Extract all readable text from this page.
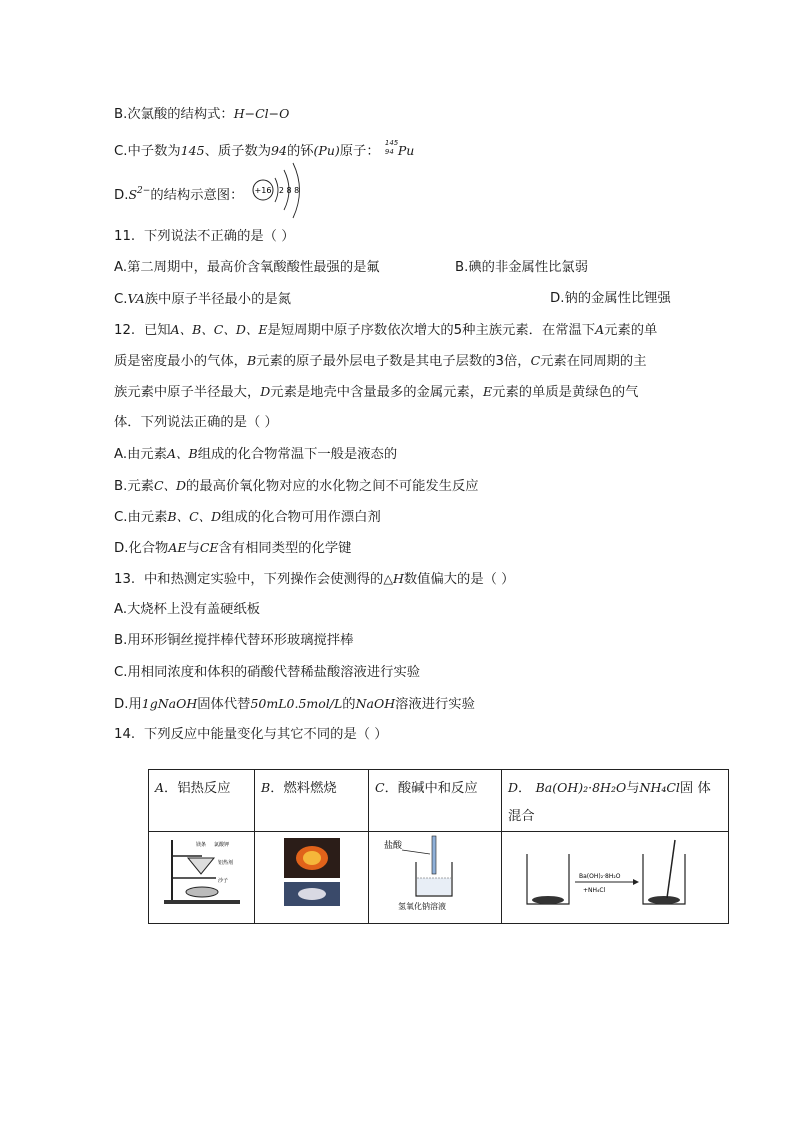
B.次氯酸的结构式：H−Cl−O
C.中子数为145、质子数为94的钚(Pu)原子：
145
94 Pu
$D.S^{2-}$的结构示意图： +16 2 8 8
11. 下列说法不正确的是（ ）
A.第二周期中，最高价含氧酸酸性最强的是氟	B.碘的非金属性比氯弱
C.VA族中原子半径最小的是氮	D.钠的金属性比锂强
12. 已知A、B、C、D、E是短周期中原子序数依次增大的5种主族元素．在常温下A元素的单
质是密度最小的气体，B元素的原子最外层电子数是其电子层数的3倍，C元素在同周期的主
族元素中原子半径最大，D元素是地壳中含量最多的金属元素，E元素的单质是黄绿色的气
体．下列说法正确的是（ ）
A.由元素A、B组成的化合物常温下一般是液态的
B.元素C、D的最高价氧化物对应的水化物之间不可能发生反应
C.由元素B、C、D组成的化合物可用作漂白剂
D.化合物AE与CE含有相同类型的化学键
13. 中和热测定实验中，下列操作会使测得的△H数值偏大的是（ ）
A.大烧杯上没有盖硬纸板
B.用环形铜丝搅拌棒代替环形玻璃搅拌棒
C.用相同浓度和体积的硝酸代替稀盐酸溶液进行实验
D.用1gNaOH固体代替50mL0.5mol/L的NaOH溶液进行实验
14. 下列反应中能量变化与其它不同的是（ ）
A．铝热反应	B．燃料燃烧	C．酸碱中和反应	D． Ba(OH)₂·8H₂O与NH₄Cl固 体
混合

镁条 氯酸钾
铝热剂
沙子		盐酸
氢氧化钠溶液	Ba(OH)₂·8H₂O
+NH₄Cl
